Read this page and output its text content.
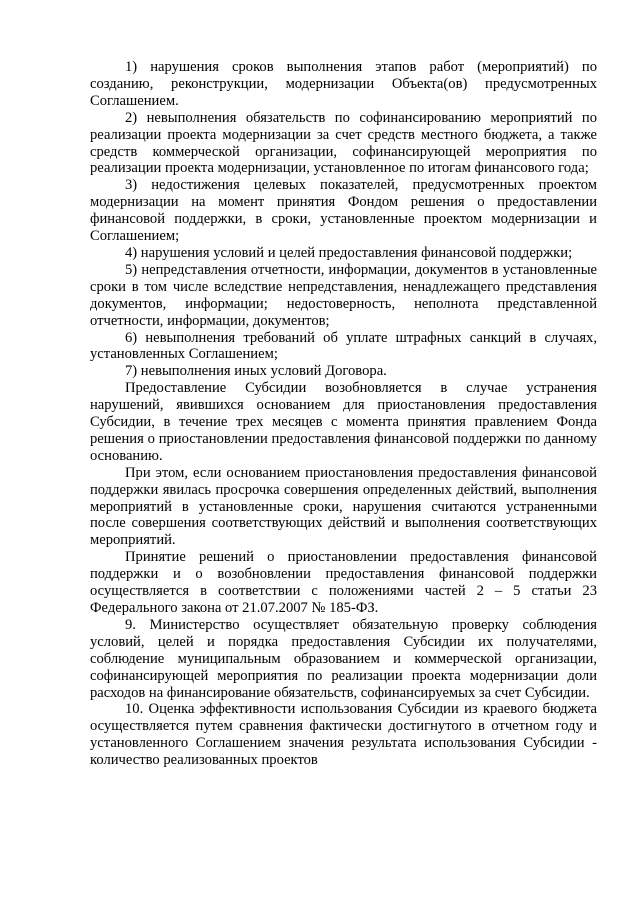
1) нарушения сроков выполнения этапов работ (мероприятий) по созданию, реконструкции, модернизации Объекта(ов) предусмотренных Соглашением.

2) невыполнения обязательств по софинансированию мероприятий по реализации проекта модернизации за счет средств местного бюджета, а также средств коммерческой организации, софинансирующей мероприятия по реализации проекта модернизации, установленное по итогам финансового года;

3) недостижения целевых показателей, предусмотренных проектом модернизации на момент принятия Фондом решения о предоставлении финансовой поддержки, в сроки, установленные проектом модернизации и Соглашением;

4) нарушения условий и целей предоставления финансовой поддержки;

5) непредставления отчетности, информации, документов в установленные сроки в том числе вследствие непредставления, ненадлежащего представления документов, информации; недостоверность, неполнота представленной отчетности, информации, документов;

6) невыполнения требований об уплате штрафных санкций в случаях, установленных Соглашением;

7) невыполнения иных условий Договора.

Предоставление Субсидии возобновляется в случае устранения нарушений, явившихся основанием для приостановления предоставления Субсидии, в течение трех месяцев с момента принятия правлением Фонда решения о приостановлении предоставления финансовой поддержки по данному основанию.

При этом, если основанием приостановления предоставления финансовой поддержки явилась просрочка совершения определенных действий, выполнения мероприятий в установленные сроки, нарушения считаются устраненными после совершения соответствующих действий и выполнения соответствующих мероприятий.

Принятие решений о приостановлении предоставления финансовой поддержки и о возобновлении предоставления финансовой поддержки осуществляется в соответствии с положениями частей 2 – 5 статьи 23 Федерального закона от 21.07.2007 № 185-ФЗ.

9. Министерство осуществляет обязательную проверку соблюдения условий, целей и порядка предоставления Субсидии их получателями, соблюдение муниципальным образованием и коммерческой организации, софинансирующей мероприятия по реализации проекта модернизации доли расходов на финансирование обязательств, софинансируемых за счет Субсидии.

10. Оценка эффективности использования Субсидии из краевого бюджета осуществляется путем сравнения фактически достигнутого в отчетном году и установленного Соглашением значения результата использования Субсидии - количество реализованных проектов
